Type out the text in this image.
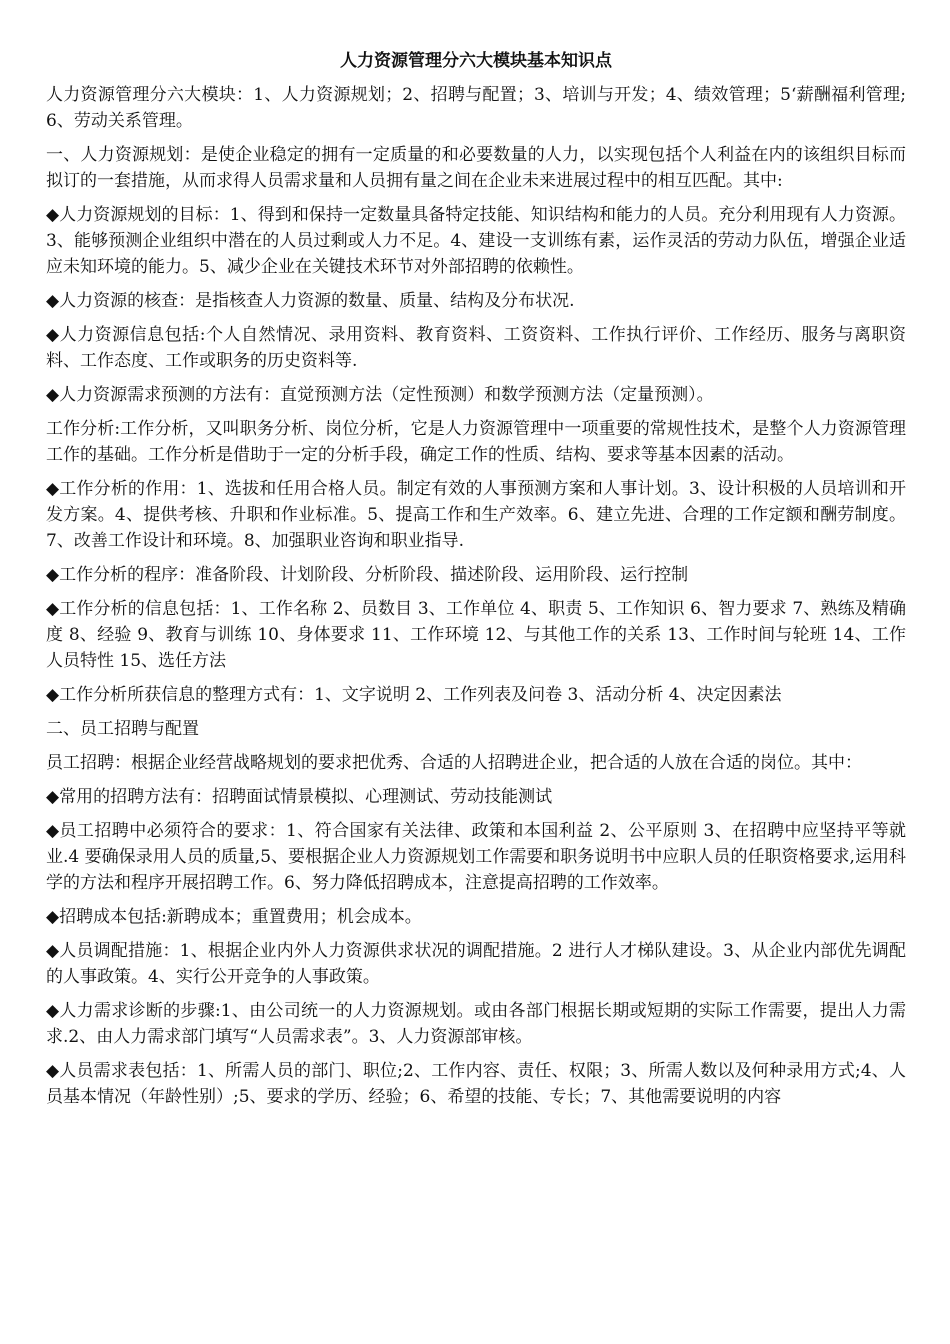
人力资源管理分六大模块基本知识点

人力资源管理分六大模块：1、人力资源规划；2、招聘与配置；3、培训与开发；4、绩效管理；5‘薪酬福利管理;6、劳动关系管理。

一、人力资源规划：是使企业稳定的拥有一定质量的和必要数量的人力，以实现包括个人利益在内的该组织目标而拟订的一套措施，从而求得人员需求量和人员拥有量之间在企业未来进展过程中的相互匹配。其中:

◆人力资源规划的目标：1、得到和保持一定数量具备特定技能、知识结构和能力的人员。充分利用现有人力资源。3、能够预测企业组织中潜在的人员过剩或人力不足。4、建设一支训练有素，运作灵活的劳动力队伍，增强企业适应未知环境的能力。5、减少企业在关键技术环节对外部招聘的依赖性。

◆人力资源的核查：是指核查人力资源的数量、质量、结构及分布状况.

◆人力资源信息包括:个人自然情况、录用资料、教育资料、工资资料、工作执行评价、工作经历、服务与离职资料、工作态度、工作或职务的历史资料等.

◆人力资源需求预测的方法有：直觉预测方法（定性预测）和数学预测方法（定量预测）。

工作分析:工作分析，又叫职务分析、岗位分析，它是人力资源管理中一项重要的常规性技术，是整个人力资源管理工作的基础。工作分析是借助于一定的分析手段，确定工作的性质、结构、要求等基本因素的活动。

◆工作分析的作用：1、选拔和任用合格人员。制定有效的人事预测方案和人事计划。3、设计积极的人员培训和开发方案。4、提供考核、升职和作业标准。5、提高工作和生产效率。6、建立先进、合理的工作定额和酬劳制度。7、改善工作设计和环境。8、加强职业咨询和职业指导.

◆工作分析的程序：准备阶段、计划阶段、分析阶段、描述阶段、运用阶段、运行控制

◆工作分析的信息包括：1、工作名称 2、员数目 3、工作单位 4、职责 5、工作知识 6、智力要求 7、熟练及精确度 8、经验 9、教育与训练 10、身体要求 11、工作环境 12、与其他工作的关系 13、工作时间与轮班 14、工作人员特性 15、选任方法

◆工作分析所获信息的整理方式有：1、文字说明 2、工作列表及问卷 3、活动分析 4、决定因素法

二、员工招聘与配置

员工招聘：根据企业经营战略规划的要求把优秀、合适的人招聘进企业，把合适的人放在合适的岗位。其中：

◆常用的招聘方法有：招聘面试情景模拟、心理测试、劳动技能测试

◆员工招聘中必须符合的要求：1、符合国家有关法律、政策和本国利益 2、公平原则 3、在招聘中应坚持平等就业.4 要确保录用人员的质量,5、要根据企业人力资源规划工作需要和职务说明书中应职人员的任职资格要求,运用科学的方法和程序开展招聘工作。6、努力降低招聘成本，注意提高招聘的工作效率。

◆招聘成本包括:新聘成本；重置费用；机会成本。

◆人员调配措施：1、根据企业内外人力资源供求状况的调配措施。2 进行人才梯队建设。3、从企业内部优先调配的人事政策。4、实行公开竞争的人事政策。

◆人力需求诊断的步骤:1、由公司统一的人力资源规划。或由各部门根据长期或短期的实际工作需要，提出人力需求.2、由人力需求部门填写“人员需求表”。3、人力资源部审核。

◆人员需求表包括：1、所需人员的部门、职位;2、工作内容、责任、权限；3、所需人数以及何种录用方式;4、人员基本情况（年龄性别）;5、要求的学历、经验；6、希望的技能、专长；7、其他需要说明的内容
